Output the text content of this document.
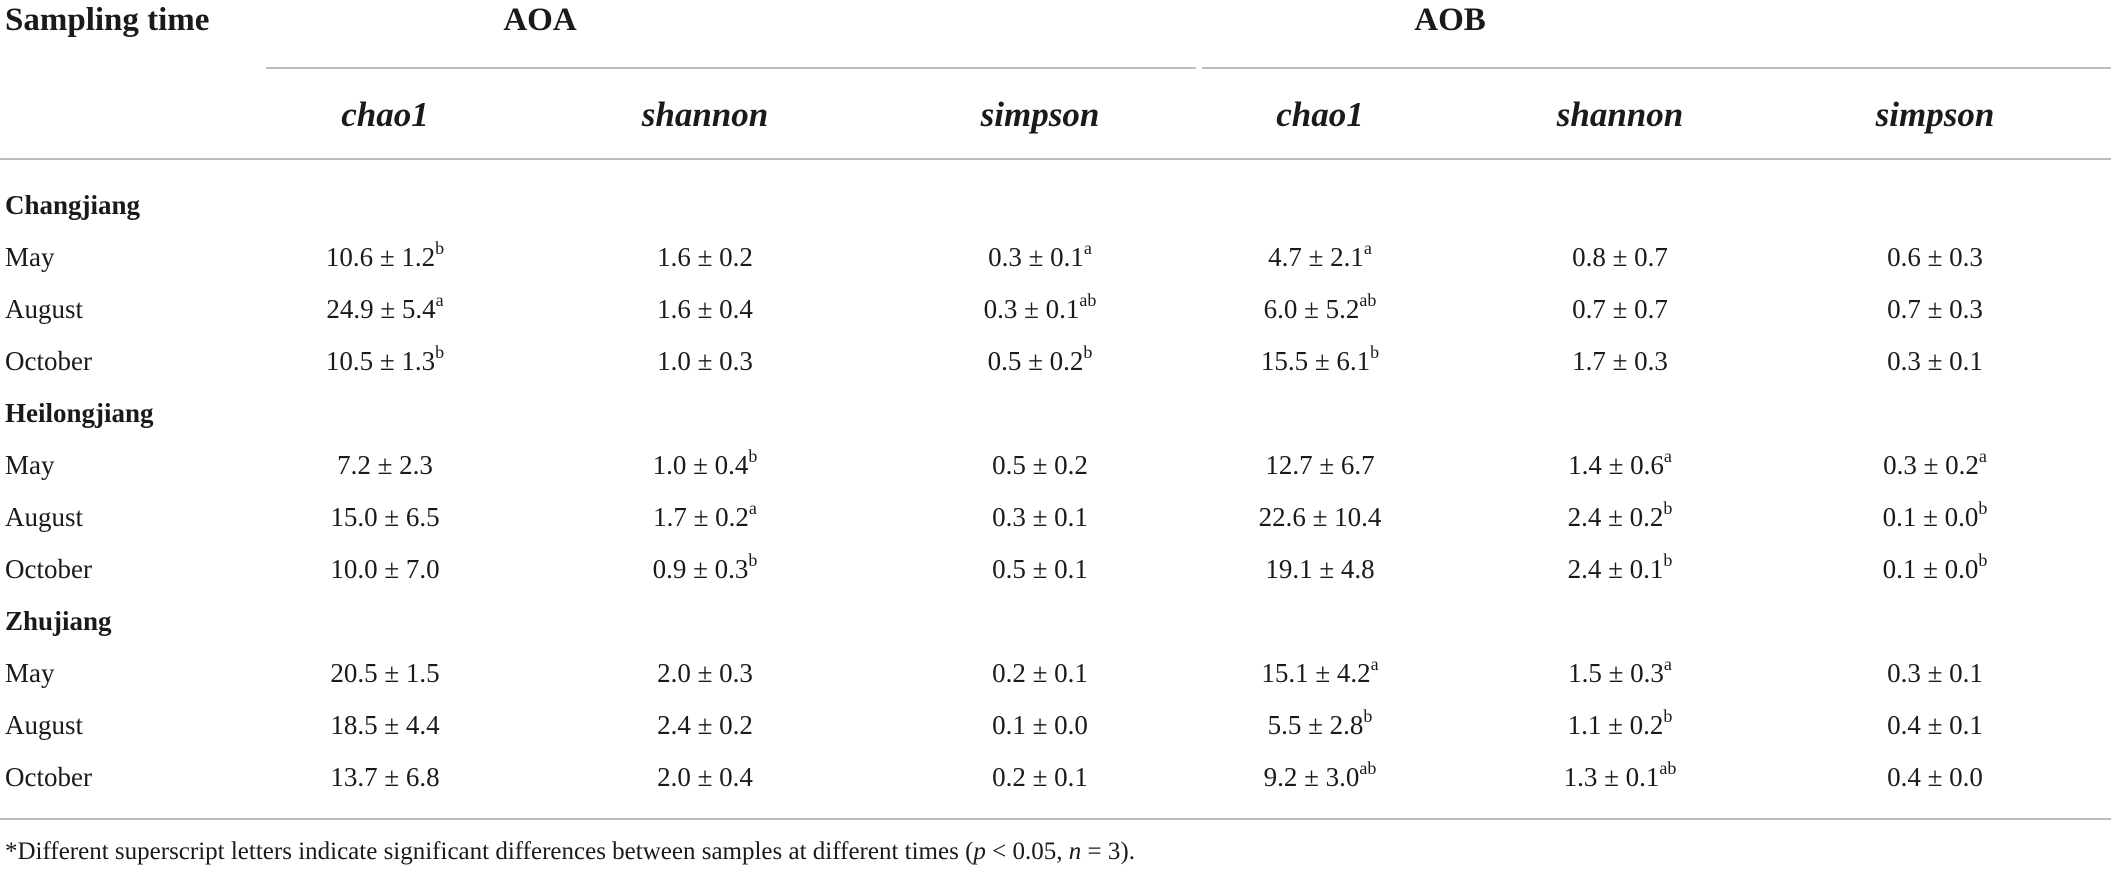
Sampling time	AOA	AOB
chao1	shannon	simpson	chao1	shannon	simpson
Changjiang
May	10.6 ± 1.2$^b$	1.6 ± 0.2	0.3 ± 0.1$^a$	4.7 ± 2.1$^a$	0.8 ± 0.7	0.6 ± 0.3
August	24.9 ± 5.4$^a$	1.6 ± 0.4	0.3 ± 0.1$^{ab}$	6.0 ± 5.2$^{ab}$	0.7 ± 0.7	0.7 ± 0.3
October	10.5 ± 1.3$^b$	1.0 ± 0.3	0.5 ± 0.2$^b$	15.5 ± 6.1$^b$	1.7 ± 0.3	0.3 ± 0.1
Heilongjiang
May	7.2 ± 2.3	1.0 ± 0.4$^b$	0.5 ± 0.2	12.7 ± 6.7	1.4 ± 0.6$^a$	0.3 ± 0.2$^a$
August	15.0 ± 6.5	1.7 ± 0.2$^a$	0.3 ± 0.1	22.6 ± 10.4	2.4 ± 0.2$^b$	0.1 ± 0.0$^b$
October	10.0 ± 7.0	0.9 ± 0.3$^b$	0.5 ± 0.1	19.1 ± 4.8	2.4 ± 0.1$^b$	0.1 ± 0.0$^b$
Zhujiang
May	20.5 ± 1.5	2.0 ± 0.3	0.2 ± 0.1	15.1 ± 4.2$^a$	1.5 ± 0.3$^a$	0.3 ± 0.1
August	18.5 ± 4.4	2.4 ± 0.2	0.1 ± 0.0	5.5 ± 2.8$^b$	1.1 ± 0.2$^b$	0.4 ± 0.1
October	13.7 ± 6.8	2.0 ± 0.4	0.2 ± 0.1	9.2 ± 3.0$^{ab}$	1.3 ± 0.1$^{ab}$	0.4 ± 0.0
*Different superscript letters indicate significant differences between samples at different times (p < 0.05, n = 3).
